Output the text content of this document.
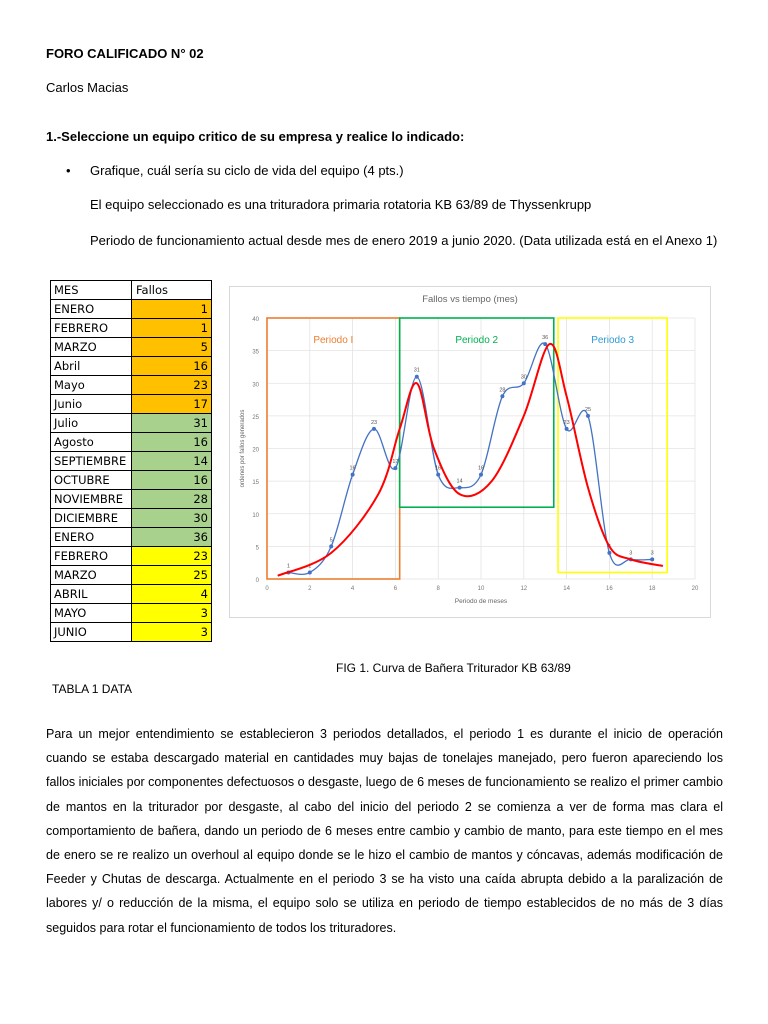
FORO CALIFICADO N° 02
Carlos Macias
1.-Seleccione un equipo critico de su empresa y realice lo indicado:
• Grafique, cuál sería su ciclo de vida del equipo (4 pts.)
El equipo seleccionado es una trituradora primaria rotatoria KB 63/89 de Thyssenkrupp
Periodo de funcionamiento actual desde mes de enero 2019 a junio 2020. (Data utilizada está en el Anexo 1)
MES	Fallos
ENERO	1
FEBRERO	1
MARZO	5
Abril	16
Mayo	23
Junio	17
Julio	31
Agosto	16
SEPTIEMBRE	14
OCTUBRE	16
NOVIEMBRE	28
DICIEMBRE	30
ENERO	36
FEBRERO	23
MARZO	25
ABRIL	4
MAYO	3
JUNIO	3
TABLA 1 DATA
0
5
10
15
20
25
30
35
40
0	2	4	6	8	10	12	14	16	18	20
Fallos vs tiempo (mes)
Periodo de meses
ordenes por fallos generados
Periodo I	Periodo 2	Periodo 3
1	1
5
16
23
17
31
16
14
16
28
30
36
23
25
4
3	3
FIG 1. Curva de Bañera Triturador KB 63/89
Para un mejor entendimiento se establecieron 3 periodos detallados, el periodo 1 es durante el inicio de operación cuando se estaba descargado material en cantidades muy bajas de tonelajes manejado, pero fueron apareciendo los fallos iniciales por componentes defectuosos o desgaste, luego de 6 meses de funcionamiento se realizo el primer cambio de mantos en la triturador por desgaste, al cabo del inicio del periodo 2 se comienza a ver de forma mas clara el comportamiento de bañera, dando un periodo de 6 meses entre cambio y cambio de manto, para este tiempo en el mes de enero se re realizo un overhoul al equipo donde se le hizo el cambio de mantos y cóncavas, además modificación de Feeder y Chutas de descarga. Actualmente en el periodo 3 se ha visto una caída abrupta debido a la paralización de labores y/ o reducción de la misma, el equipo solo se utiliza en periodo de tiempo establecidos de no más de 3 días seguidos para rotar el funcionamiento de todos los trituradores.
